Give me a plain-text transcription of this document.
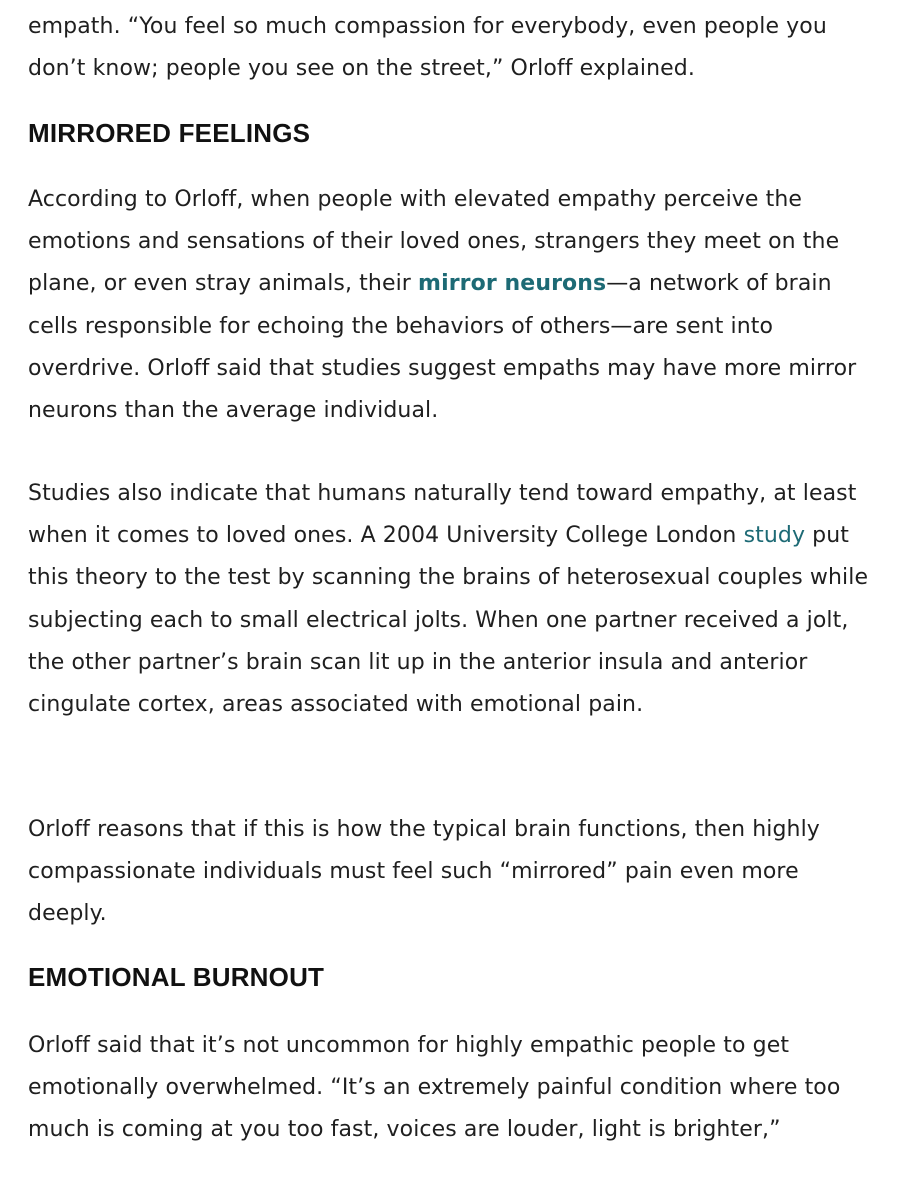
empath. “You feel so much compassion for everybody, even people you don’t know; people you see on the street,” Orloff explained.

MIRRORED FEELINGS

According to Orloff, when people with elevated empathy perceive the emotions and sensations of their loved ones, strangers they meet on the plane, or even stray animals, their mirror neurons—a network of brain cells responsible for echoing the behaviors of others—are sent into overdrive. Orloff said that studies suggest empaths may have more mirror neurons than the average individual.

Studies also indicate that humans naturally tend toward empathy, at least when it comes to loved ones. A 2004 University College London study put this theory to the test by scanning the brains of heterosexual couples while subjecting each to small electrical jolts. When one partner received a jolt, the other partner’s brain scan lit up in the anterior insula and anterior cingulate cortex, areas associated with emotional pain.

Orloff reasons that if this is how the typical brain functions, then highly compassionate individuals must feel such “mirrored” pain even more deeply.

EMOTIONAL BURNOUT

Orloff said that it’s not uncommon for highly empathic people to get emotionally overwhelmed. “It’s an extremely painful condition where too much is coming at you too fast, voices are louder, light is brighter,”
